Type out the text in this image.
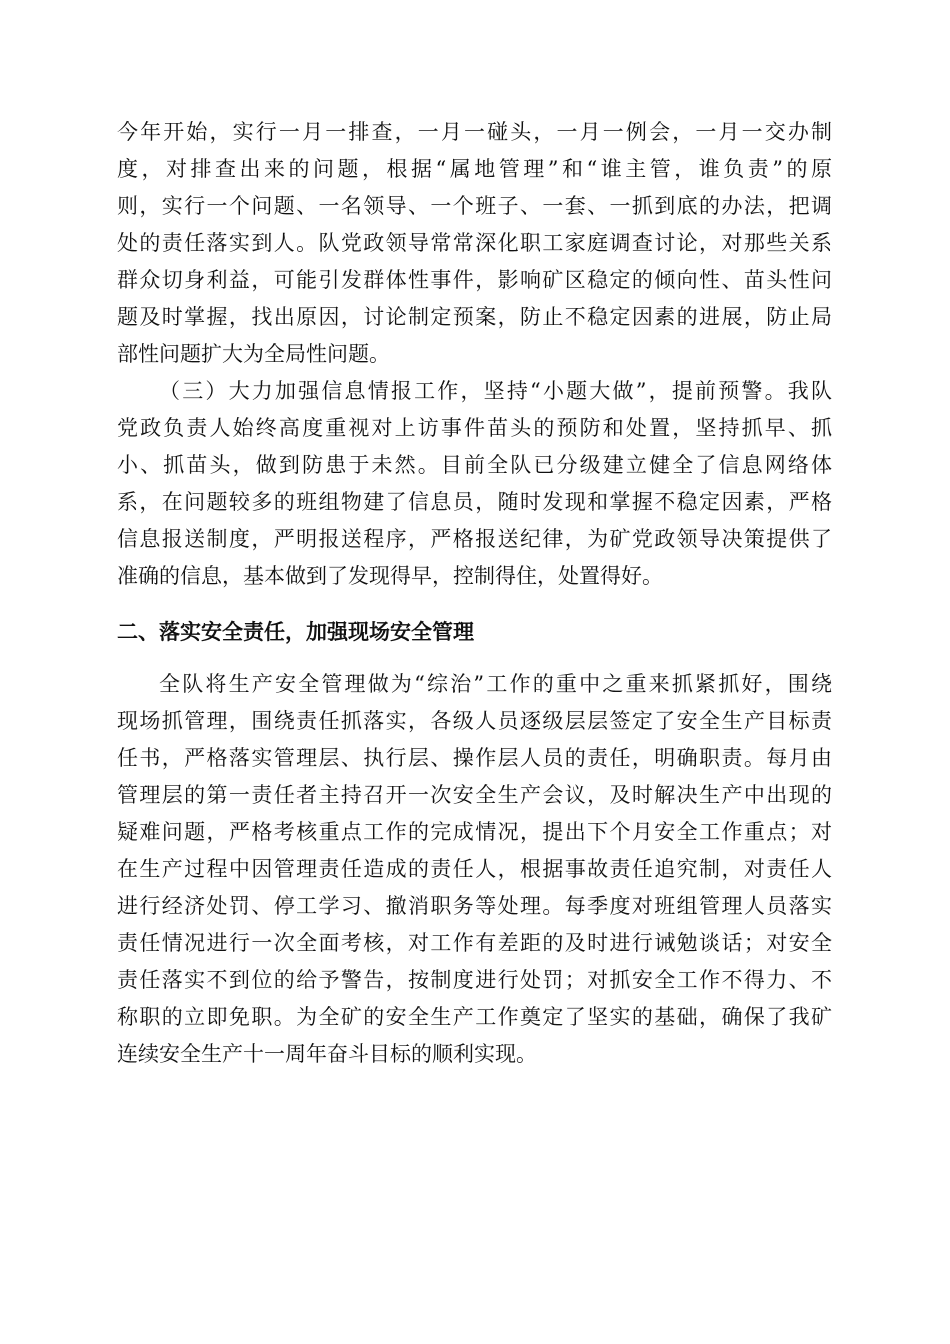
今年开始，实行一月一排查，一月一碰头，一月一例会，一月一交办制
度，对排查出来的问题，根据“属地管理”和“谁主管，谁负责”的原
则，实行一个问题、一名领导、一个班子、一套、一抓到底的办法，把调
处的责任落实到人。队党政领导常常深化职工家庭调查讨论，对那些关系
群众切身利益，可能引发群体性事件，影响矿区稳定的倾向性、苗头性问
题及时掌握，找出原因，讨论制定预案，防止不稳定因素的进展，防止局
部性问题扩大为全局性问题。
（三）大力加强信息情报工作，坚持“小题大做”，提前预警。我队
党政负责人始终高度重视对上访事件苗头的预防和处置，坚持抓早、抓
小、抓苗头，做到防患于未然。目前全队已分级建立健全了信息网络体
系，在问题较多的班组物建了信息员，随时发现和掌握不稳定因素，严格
信息报送制度，严明报送程序，严格报送纪律，为矿党政领导决策提供了
准确的信息，基本做到了发现得早，控制得住，处置得好。
二、落实安全责任，加强现场安全管理
全队将生产安全管理做为“综治”工作的重中之重来抓紧抓好，围绕
现场抓管理，围绕责任抓落实，各级人员逐级层层签定了安全生产目标责
任书，严格落实管理层、执行层、操作层人员的责任，明确职责。每月由
管理层的第一责任者主持召开一次安全生产会议，及时解决生产中出现的
疑难问题，严格考核重点工作的完成情况，提出下个月安全工作重点；对
在生产过程中因管理责任造成的责任人，根据事故责任追究制，对责任人
进行经济处罚、停工学习、撤消职务等处理。每季度对班组管理人员落实
责任情况进行一次全面考核，对工作有差距的及时进行诫勉谈话；对安全
责任落实不到位的给予警告，按制度进行处罚；对抓安全工作不得力、不
称职的立即免职。为全矿的安全生产工作奠定了坚实的基础，确保了我矿
连续安全生产十一周年奋斗目标的顺利实现。
